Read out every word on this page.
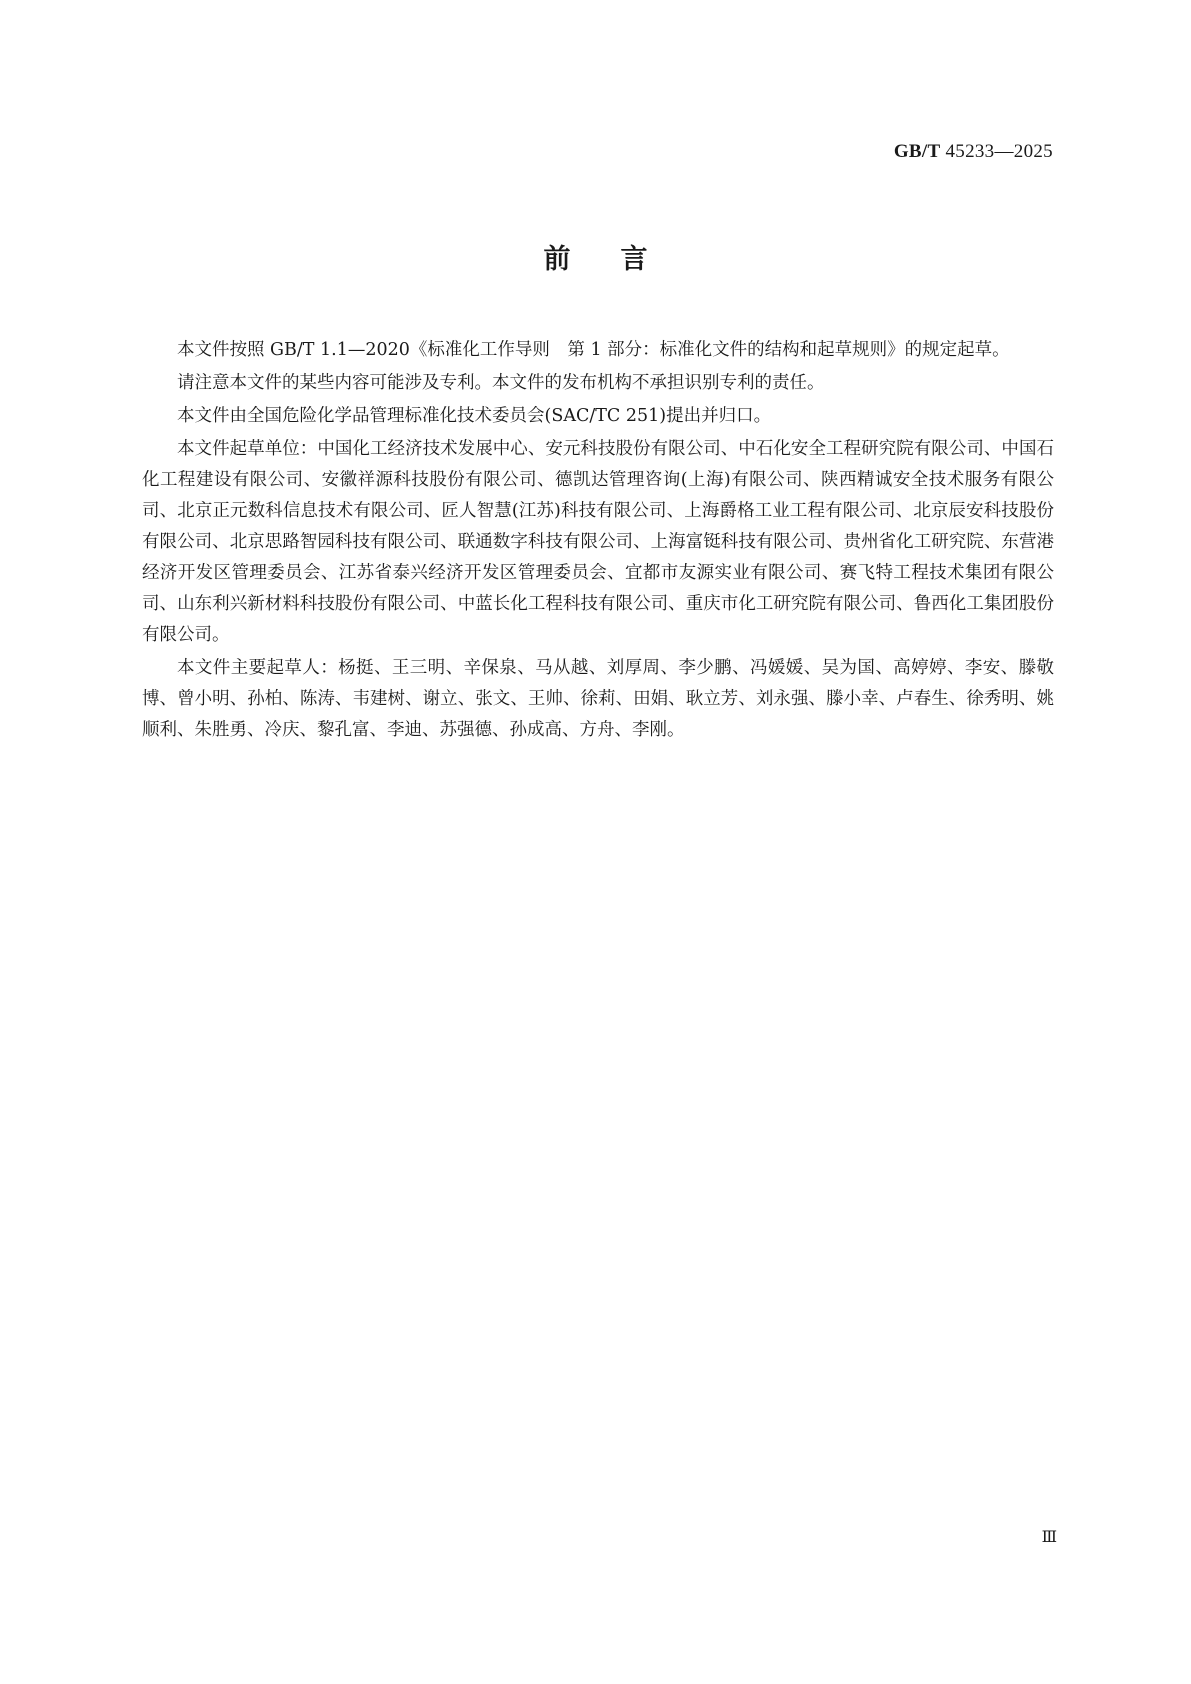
GB/T 45233—2025
前言

本文件按照 GB/T 1.1—2020《标准化工作导则　第 1 部分：标准化文件的结构和起草规则》的规定起草。

请注意本文件的某些内容可能涉及专利。本文件的发布机构不承担识别专利的责任。

本文件由全国危险化学品管理标准化技术委员会(SAC/TC 251)提出并归口。

本文件起草单位：中国化工经济技术发展中心、安元科技股份有限公司、中石化安全工程研究院有限公司、中国石化工程建设有限公司、安徽祥源科技股份有限公司、德凯达管理咨询(上海)有限公司、陕西精诚安全技术服务有限公司、北京正元数科信息技术有限公司、匠人智慧(江苏)科技有限公司、上海爵格工业工程有限公司、北京辰安科技股份有限公司、北京思路智园科技有限公司、联通数字科技有限公司、上海富铤科技有限公司、贵州省化工研究院、东营港经济开发区管理委员会、江苏省泰兴经济开发区管理委员会、宜都市友源实业有限公司、赛飞特工程技术集团有限公司、山东利兴新材料科技股份有限公司、中蓝长化工程科技有限公司、重庆市化工研究院有限公司、鲁西化工集团股份有限公司。

本文件主要起草人：杨挺、王三明、辛保泉、马从越、刘厚周、李少鹏、冯媛媛、吴为国、高婷婷、李安、滕敬博、曾小明、孙柏、陈涛、韦建树、谢立、张文、王帅、徐莉、田娟、耿立芳、刘永强、滕小幸、卢春生、徐秀明、姚顺利、朱胜勇、冷庆、黎孔富、李迪、苏强德、孙成高、方舟、李刚。

Ⅲ
